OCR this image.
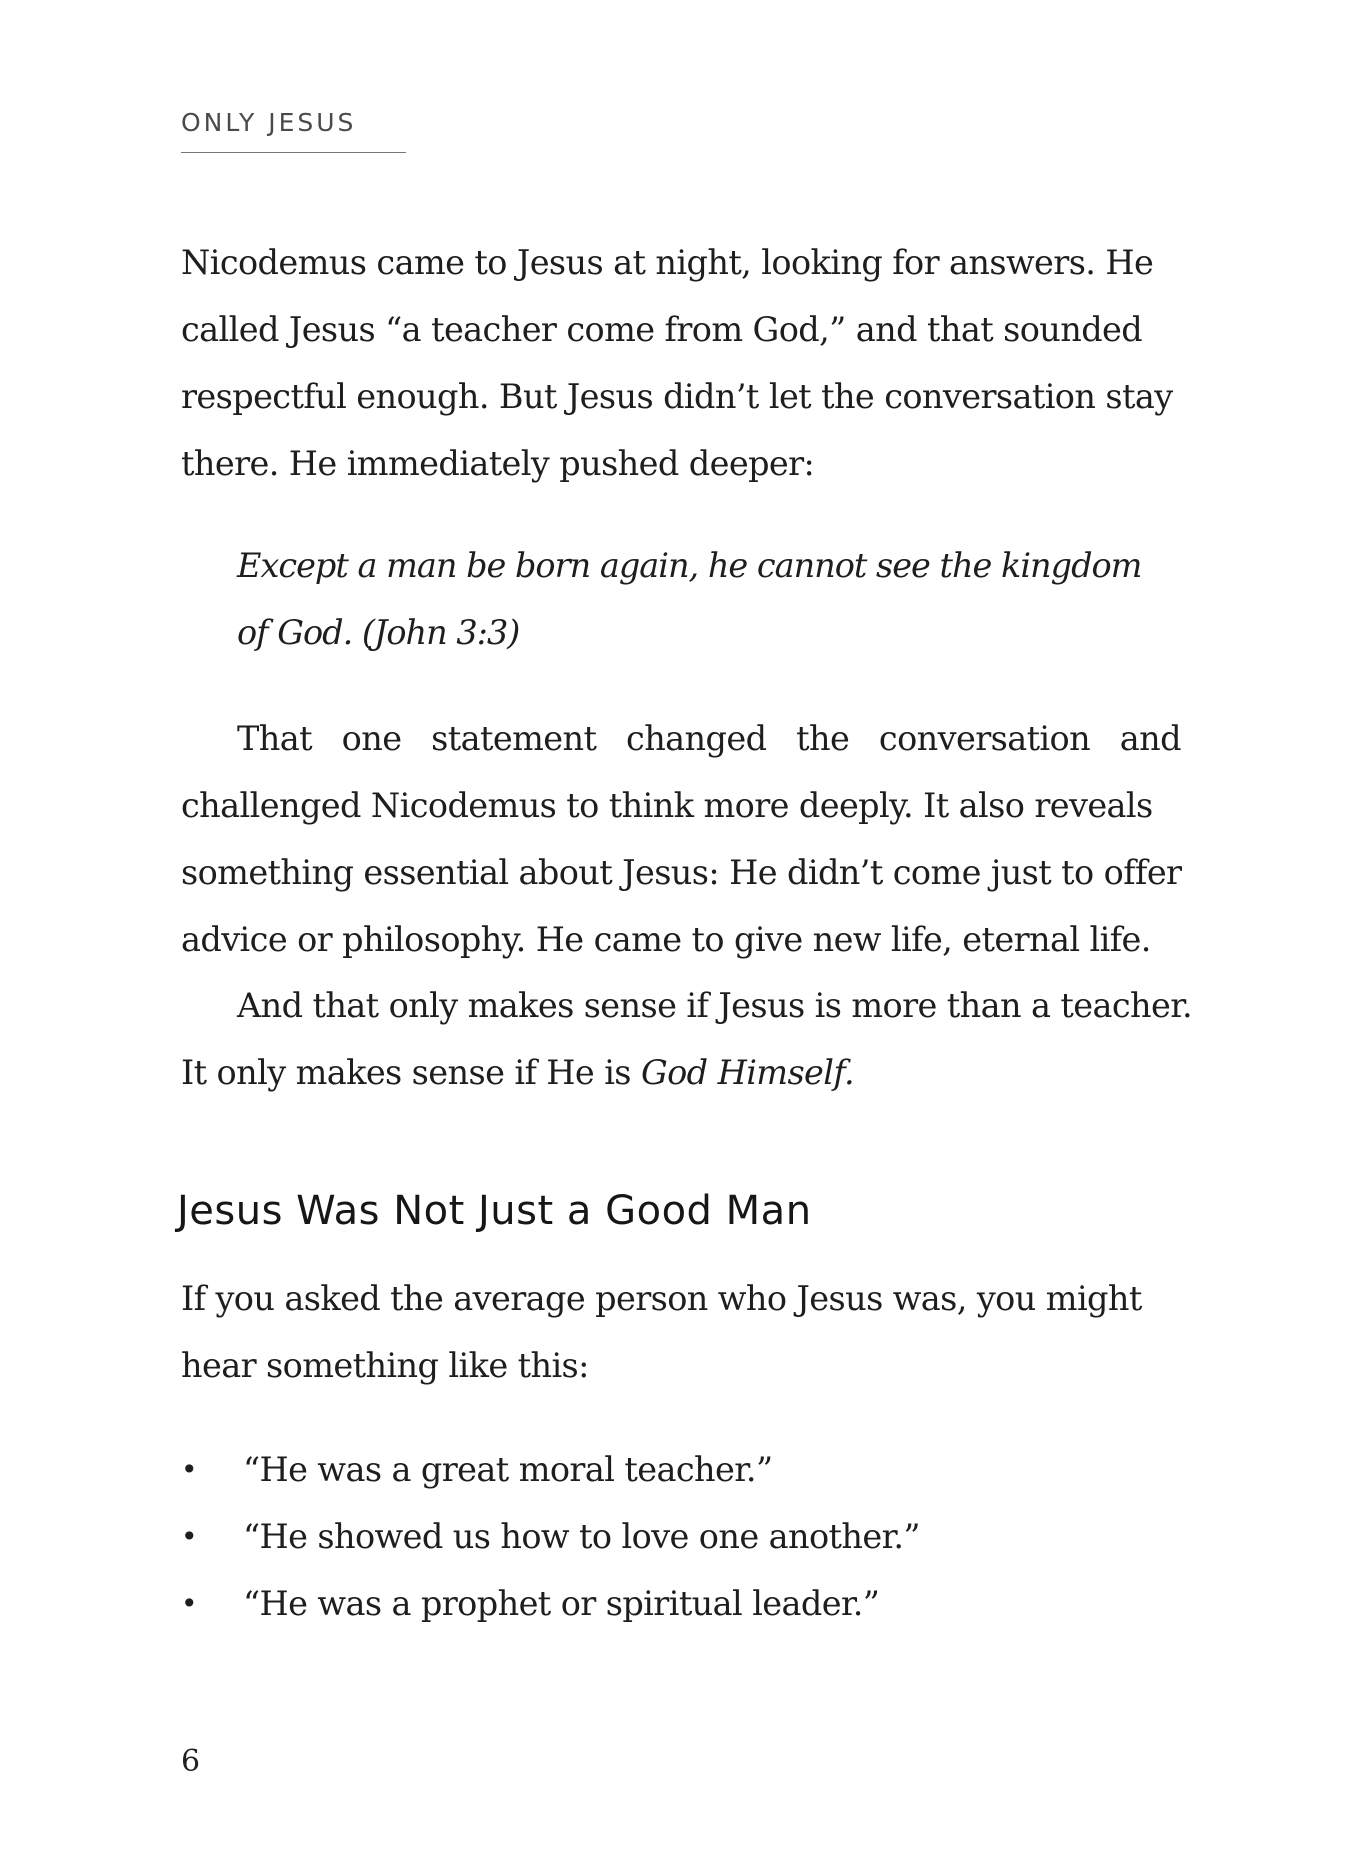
ONLY JESUS

Nicodemus came to Jesus at night, looking for answers. He
called Jesus “a teacher come from God,” and that sounded
respectful enough. But Jesus didn’t let the conversation stay
there. He immediately pushed deeper:

Except a man be born again, he cannot see the kingdom
of God. (John 3:3)

That one statement changed the conversation and
challenged Nicodemus to think more deeply. It also reveals
something essential about Jesus: He didn’t come just to offer
advice or philosophy. He came to give new life, eternal life.

And that only makes sense if Jesus is more than a teacher.
It only makes sense if He is God Himself.

Jesus Was Not Just a Good Man

If you asked the average person who Jesus was, you might
hear something like this:

• “He was a great moral teacher.”
• “He showed us how to love one another.”
• “He was a prophet or spiritual leader.”
6
